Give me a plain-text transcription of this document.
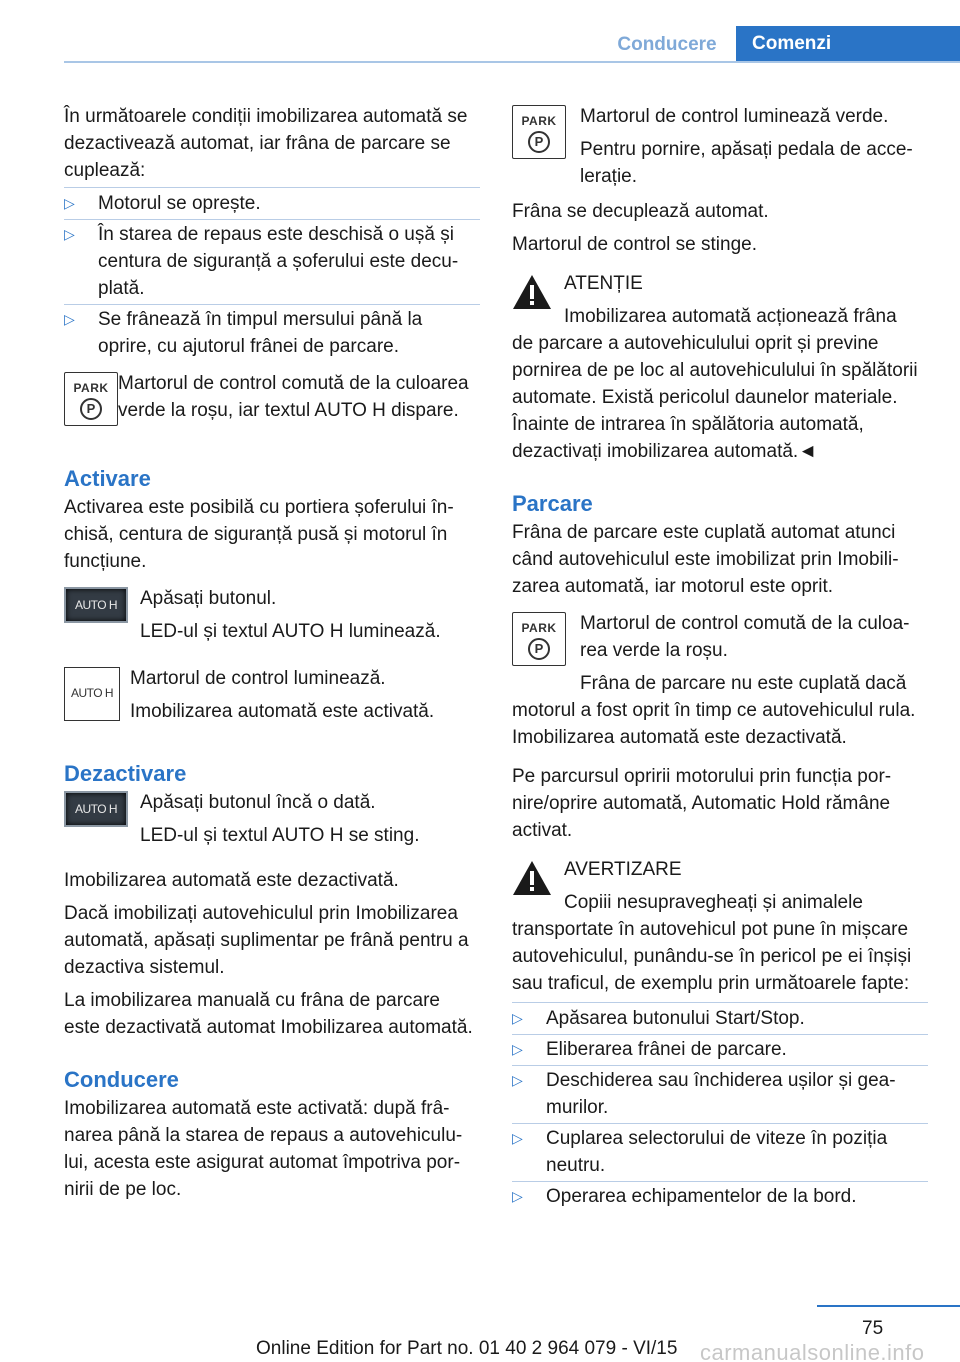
Conducere	Comenzi

În următoarele condiții imobilizarea automată se dezactivează automat, iar frâna de parcare se cuplează:

▷ Motorul se oprește.
▷ În starea de repaus este deschisă o ușă și centura de siguranță a șoferului este decuplată.
▷ Se frânează în timpul mersului până la oprire, cu ajutorul frânei de parcare.
PARK
P

Martorul de control comută de la culoarea verde la roșu, iar textul AUTO H dispare.

Activare

Activarea este posibilă cu portiera șoferului închisă, centura de siguranță pusă și motorul în funcțiune.

AUTO H	Apăsați butonul.

LED-ul și textul AUTO H luminează.

AUTO H

Martorul de control luminează.

Imobilizarea automată este activată.

Dezactivare
AUTO H	Apăsați butonul încă o dată.

LED-ul și textul AUTO H se sting.

Imobilizarea automată este dezactivată.

Dacă imobilizați autovehiculul prin Imobilizarea automată, apăsați suplimentar pe frână pentru a dezactiva sistemul.

La imobilizarea manuală cu frâna de parcare este dezactivată automat Imobilizarea automată.

Conducere

Imobilizarea automată este activată: după frânarea până la starea de repaus a autovehiculului, acesta este asigurat automat împotriva pornirii de pe loc.

PARK
P

Martorul de control luminează verde.

Pentru pornire, apăsați pedala de accelerație.

Frâna se decuplează automat.

Martorul de control se stinge.

ATENȚIE

Imobilizarea automată acționează frâna

de parcare a autovehiculului oprit și previne pornirea de pe loc al autovehiculului în spălătorii automate. Există pericolul daunelor materiale. Înainte de intrarea în spălătoria automată, dezactivați imobilizarea automată.◄

Parcare

Frâna de parcare este cuplată automat atunci când autovehiculul este imobilizat prin Imobilizarea automată, iar motorul este oprit.

PARK
P

Martorul de control comută de la culoarea verde la roșu.

Frâna de parcare nu este cuplată dacă

motorul a fost oprit în timp ce autovehiculul rula. Imobilizarea automată este dezactivată.

Pe parcursul opririi motorului prin funcția pornire/oprire automată, Automatic Hold rămâne activat.

AVERTIZARE

Copiii nesupravegheați și animalele

transportate în autovehicul pot pune în mișcare autovehiculul, punându-se în pericol pe ei înșiși sau traficul, de exemplu prin următoarele fapte:

▷ Apăsarea butonului Start/Stop.
▷ Eliberarea frânei de parcare.
▷ Deschiderea sau închiderea ușilor și geamurilor.
▷ Cuplarea selectorului de viteze în poziția neutru.
▷ Operarea echipamentelor de la bord.
75
Online Edition for Part no. 01 40 2 964 079 - VI/15 carmanualsonline.info
